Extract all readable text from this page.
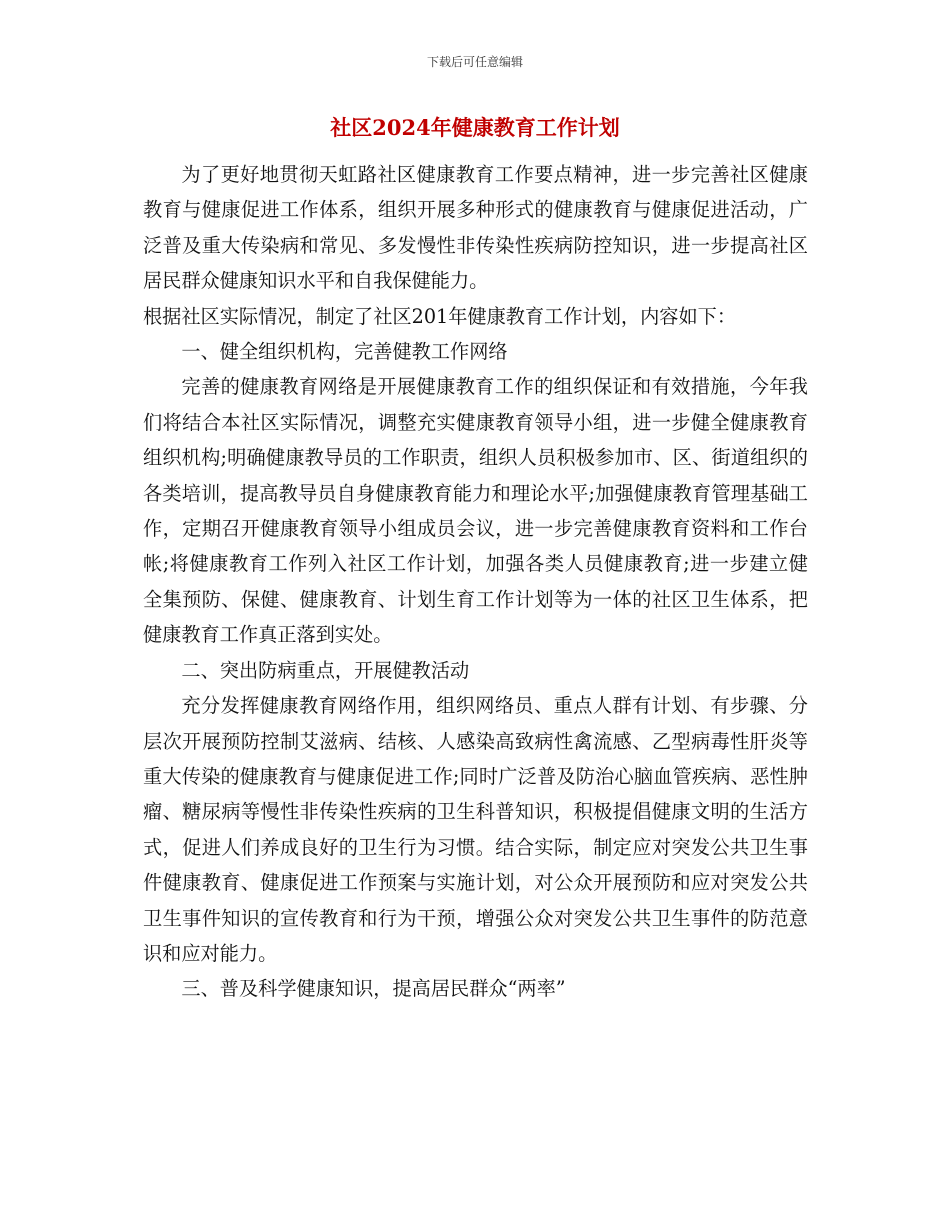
下载后可任意编辑
社区2024年健康教育工作计划

为了更好地贯彻天虹路社区健康教育工作要点精神，进一步完善社区健康教育与健康促进工作体系，组织开展多种形式的健康教育与健康促进活动，广泛普及重大传染病和常见、多发慢性非传染性疾病防控知识，进一步提高社区居民群众健康知识水平和自我保健能力。

根据社区实际情况，制定了社区201年健康教育工作计划，内容如下：

一、健全组织机构，完善健教工作网络

完善的健康教育网络是开展健康教育工作的组织保证和有效措施，今年我们将结合本社区实际情况，调整充实健康教育领导小组，进一步健全健康教育组织机构;明确健康教导员的工作职责，组织人员积极参加市、区、街道组织的各类培训，提高教导员自身健康教育能力和理论水平;加强健康教育管理基础工作，定期召开健康教育领导小组成员会议，进一步完善健康教育资料和工作台帐;将健康教育工作列入社区工作计划，加强各类人员健康教育;进一步建立健全集预防、保健、健康教育、计划生育工作计划等为一体的社区卫生体系，把健康教育工作真正落到实处。

二、突出防病重点，开展健教活动

充分发挥健康教育网络作用，组织网络员、重点人群有计划、有步骤、分层次开展预防控制艾滋病、结核、人感染高致病性禽流感、乙型病毒性肝炎等重大传染的健康教育与健康促进工作;同时广泛普及防治心脑血管疾病、恶性肿瘤、糖尿病等慢性非传染性疾病的卫生科普知识，积极提倡健康文明的生活方式，促进人们养成良好的卫生行为习惯。结合实际，制定应对突发公共卫生事件健康教育、健康促进工作预案与实施计划，对公众开展预防和应对突发公共卫生事件知识的宣传教育和行为干预，增强公众对突发公共卫生事件的防范意识和应对能力。

三、普及科学健康知识，提高居民群众“两率”
